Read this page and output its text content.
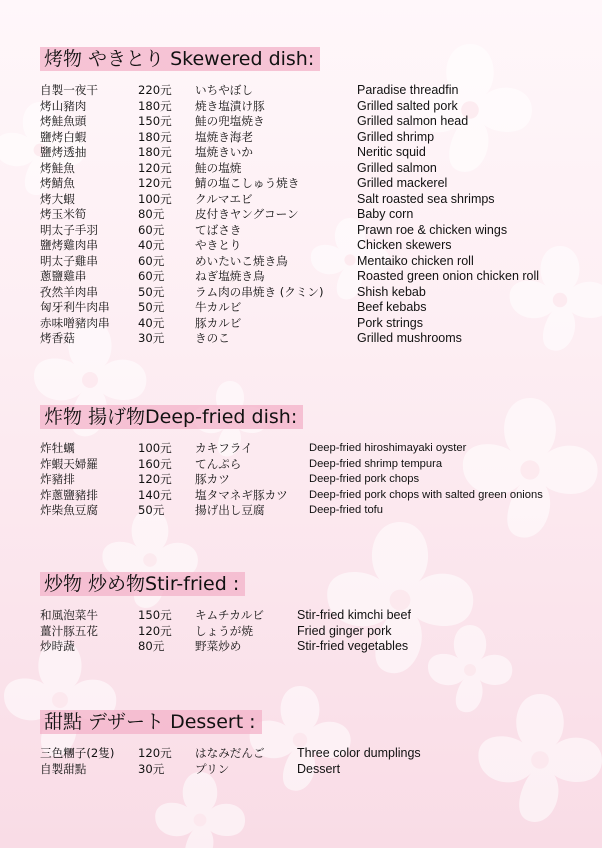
烤物 やきとり Skewered dish:
自製一夜干	220元 いちやぼし	Paradise threadfin
烤山豬肉	180元 焼き塩漬け豚	Grilled salted pork
烤鮭魚頭	150元 鮭の兜塩焼き	Grilled salmon head
鹽烤白蝦	180元 塩焼き海老	Grilled shrimp
鹽烤透抽	180元 塩焼きいか	Neritic squid
烤鮭魚	120元 鮭の塩焼	Grilled salmon
烤鯖魚	120元 鯖の塩こしゅう焼き	Grilled mackerel
烤大蝦	100元 クルマエビ	Salt roasted sea shrimps
烤玉米筍	80元	皮付きヤングコーン	Baby corn
明太子手羽	60元	てばさき	Prawn roe & chicken wings
鹽烤雞肉串	40元	やきとり	Chicken skewers
明太子雞串	60元	めいたいこ焼き鳥	Mentaiko chicken roll
蔥鹽雞串	60元	ねぎ塩焼き鳥	Roasted green onion chicken roll
孜然羊肉串	50元	ラム肉の串焼き (クミン)	Shish kebab
匈牙利牛肉串 50元	牛カルビ	Beef kebabs
赤味噌豬肉串 40元	豚カルビ	Pork strings
烤香菇	30元	きのこ	Grilled mushrooms
炸物 揚げ物Deep-fried dish:
炸牡蠣	100元 カキフライ	Deep-fried hiroshimayaki oyster
炸蝦天婦羅	160元 てんぷら	Deep-fried shrimp tempura
炸豬排	120元 豚カツ	Deep-fried pork chops
炸蔥鹽豬排	140元 塩タマネギ豚カツ Deep-fried pork chops with salted green onions
炸柴魚豆腐	50元	揚げ出し豆腐	Deep-fried tofu
炒物 炒め物Stir-fried :
和風泡菜牛	150元 キムチカルビ	Stir-fried kimchi beef
薑汁豚五花	120元 しょうが焼	Fried ginger pork
炒時蔬	80元	野菜炒め	Stir-fried vegetables
甜點 デザート Dessert :
三色糰子(2隻) 120元 はなみだんご	Three color dumplings
自製甜點	30元	プリン	Dessert
